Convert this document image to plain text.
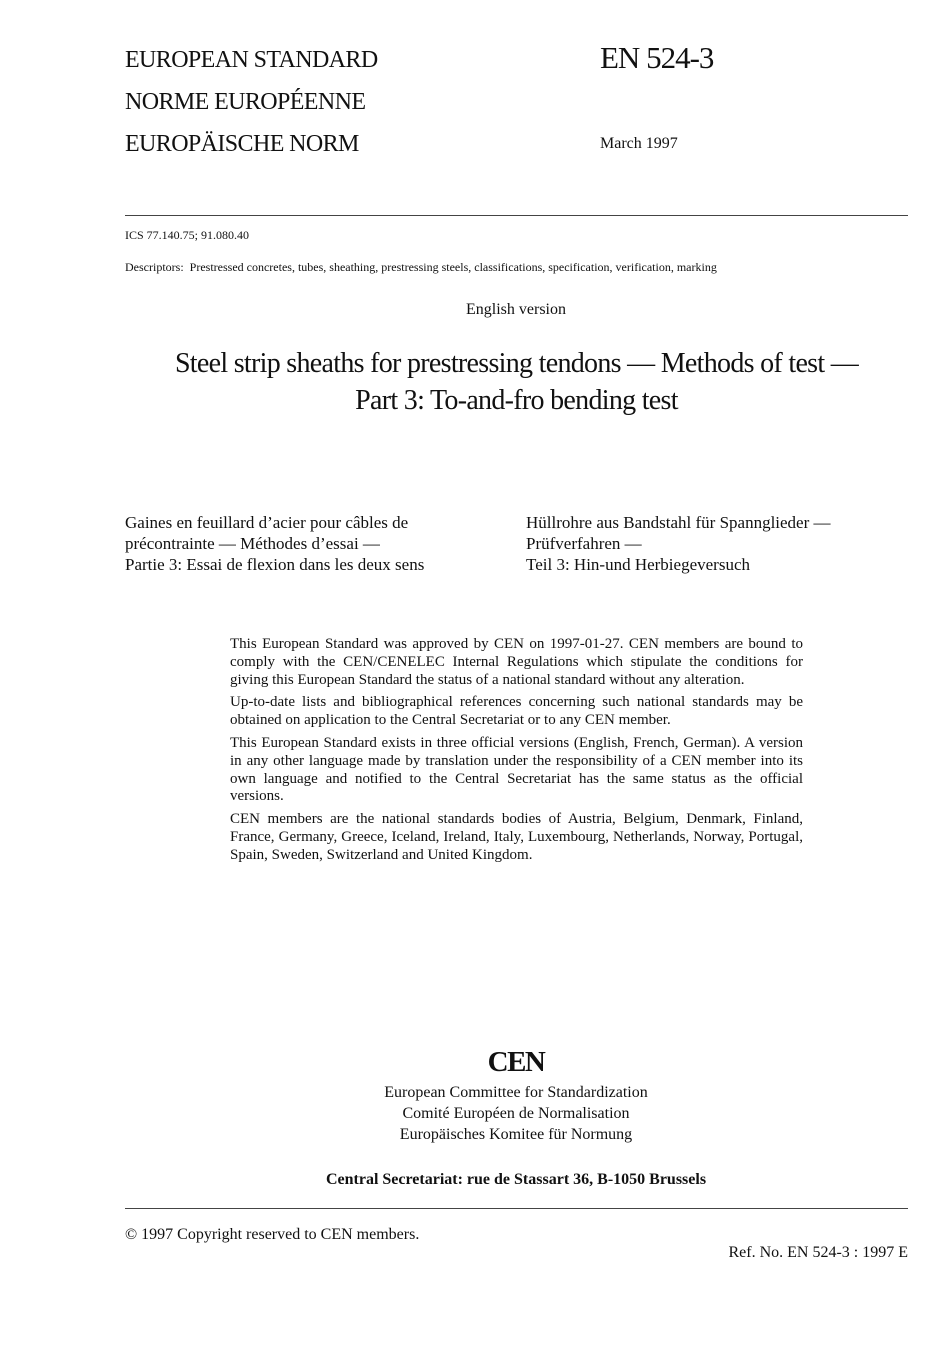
EUROPEAN STANDARD
NORME EUROPÉENNE
EUROPÄISCHE NORM
EN 524-3
March 1997
ICS 77.140.75; 91.080.40
Descriptors: Prestressed concretes, tubes, sheathing, prestressing steels, classifications, specification, verification, marking
English version
Steel strip sheaths for prestressing tendons — Methods of test —
Part 3: To-and-fro bending test
Gaines en feuillard d’acier pour câbles de
précontrainte — Méthodes d’essai —
Partie 3: Essai de flexion dans les deux sens
Hüllrohre aus Bandstahl für Spannglieder —
Prüfverfahren —
Teil 3: Hin-und Herbiegeversuch

This European Standard was approved by CEN on 1997-01-27. CEN members are bound to comply with the CEN/CENELEC Internal Regulations which stipulate the conditions for giving this European Standard the status of a national standard without any alteration.

Up-to-date lists and bibliographical references concerning such national standards may be obtained on application to the Central Secretariat or to any CEN member.

This European Standard exists in three official versions (English, French, German). A version in any other language made by translation under the responsibility of a CEN member into its own language and notified to the Central Secretariat has the same status as the official versions.

CEN members are the national standards bodies of Austria, Belgium, Denmark, Finland, France, Germany, Greece, Iceland, Ireland, Italy, Luxembourg, Netherlands, Norway, Portugal, Spain, Sweden, Switzerland and United Kingdom.

CEN
European Committee for Standardization
Comité Européen de Normalisation
Europäisches Komitee für Normung
Central Secretariat: rue de Stassart 36, B-1050 Brussels
© 1997 Copyright reserved to CEN members.
Ref. No. EN 524-3 : 1997 E
